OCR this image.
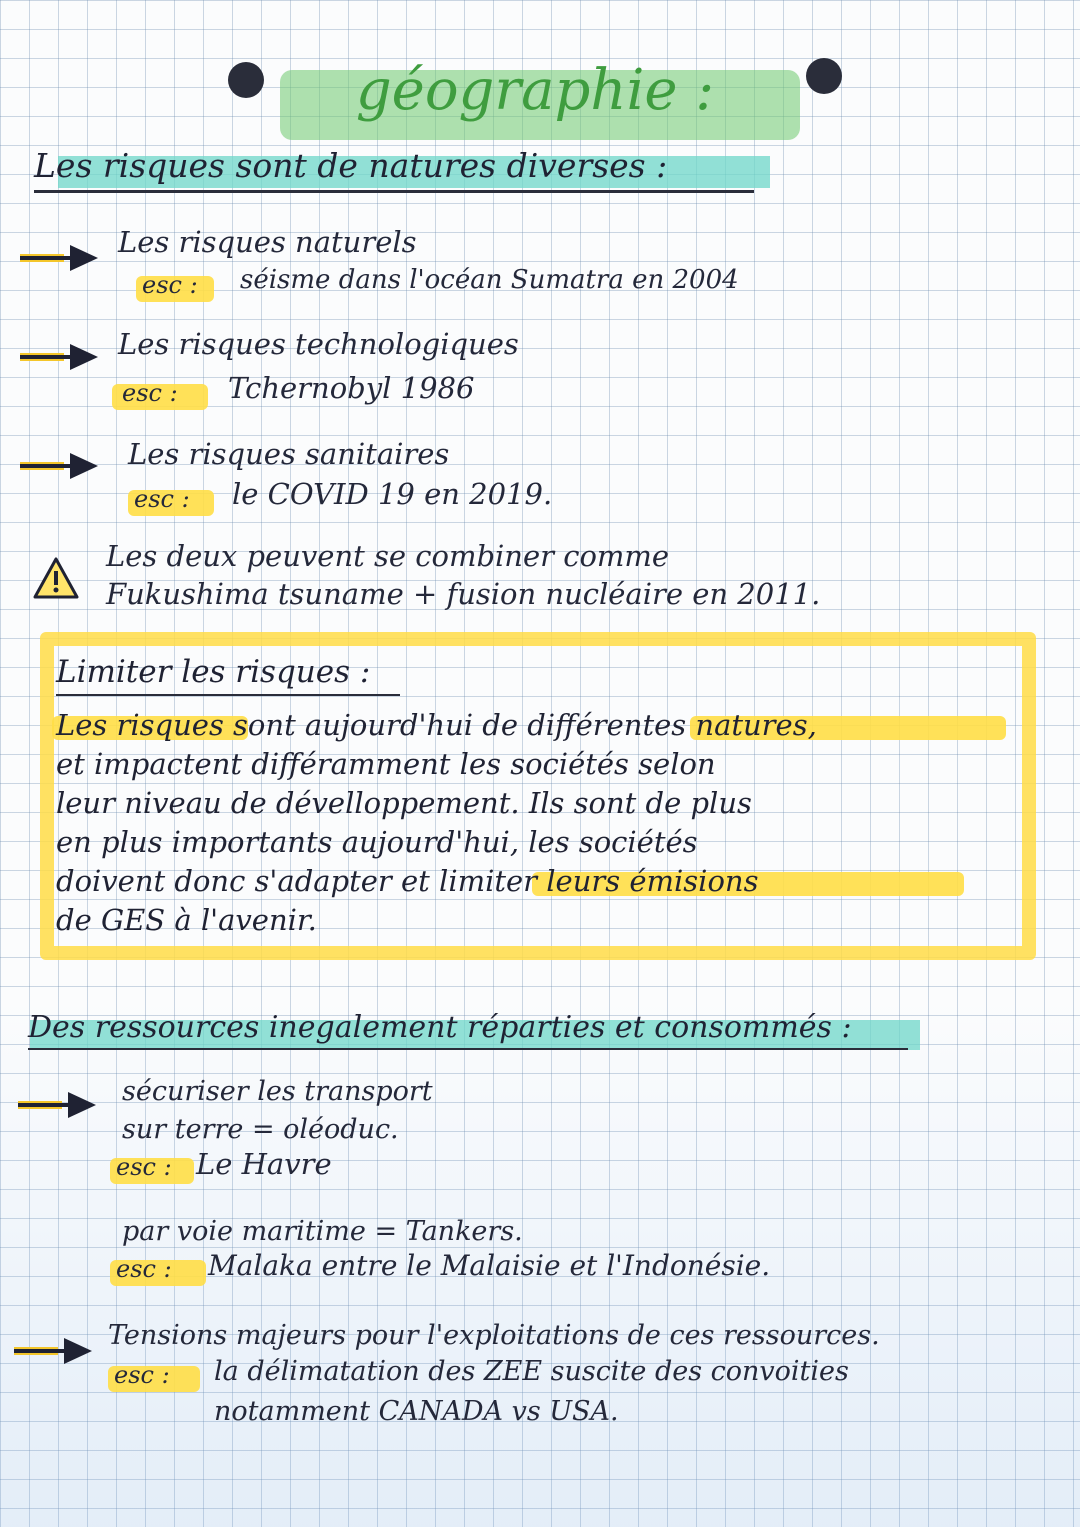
géographie :
Les risques sont de natures diverses :
Les risques naturels
esc : séisme dans l'océan Sumatra en 2004
Les risques technologiques
esc : Tchernobyl 1986
Les risques sanitaires
esc : le COVID 19 en 2019.
Les deux peuvent se combiner comme
Fukushima tsuname + fusion nucléaire en 2011.
Limiter les risques :
Les risques sont aujourd'hui de différentes natures,
et impactent différamment les sociétés selon
leur niveau de dévelloppement. Ils sont de plus
en plus importants aujourd'hui, les sociétés
doivent donc s'adapter et limiter leurs émisions
de GES à l'avenir.
Des ressources inegalement réparties et consommés :
sécuriser les transport
sur terre = oléoduc.
esc : Le Havre
par voie maritime = Tankers.
esc : Malaka entre le Malaisie et l'Indonésie.
Tensions majeurs pour l'exploitations de ces ressources.
esc : la délimatation des ZEE suscite des convoities
notamment CANADA vs USA.
